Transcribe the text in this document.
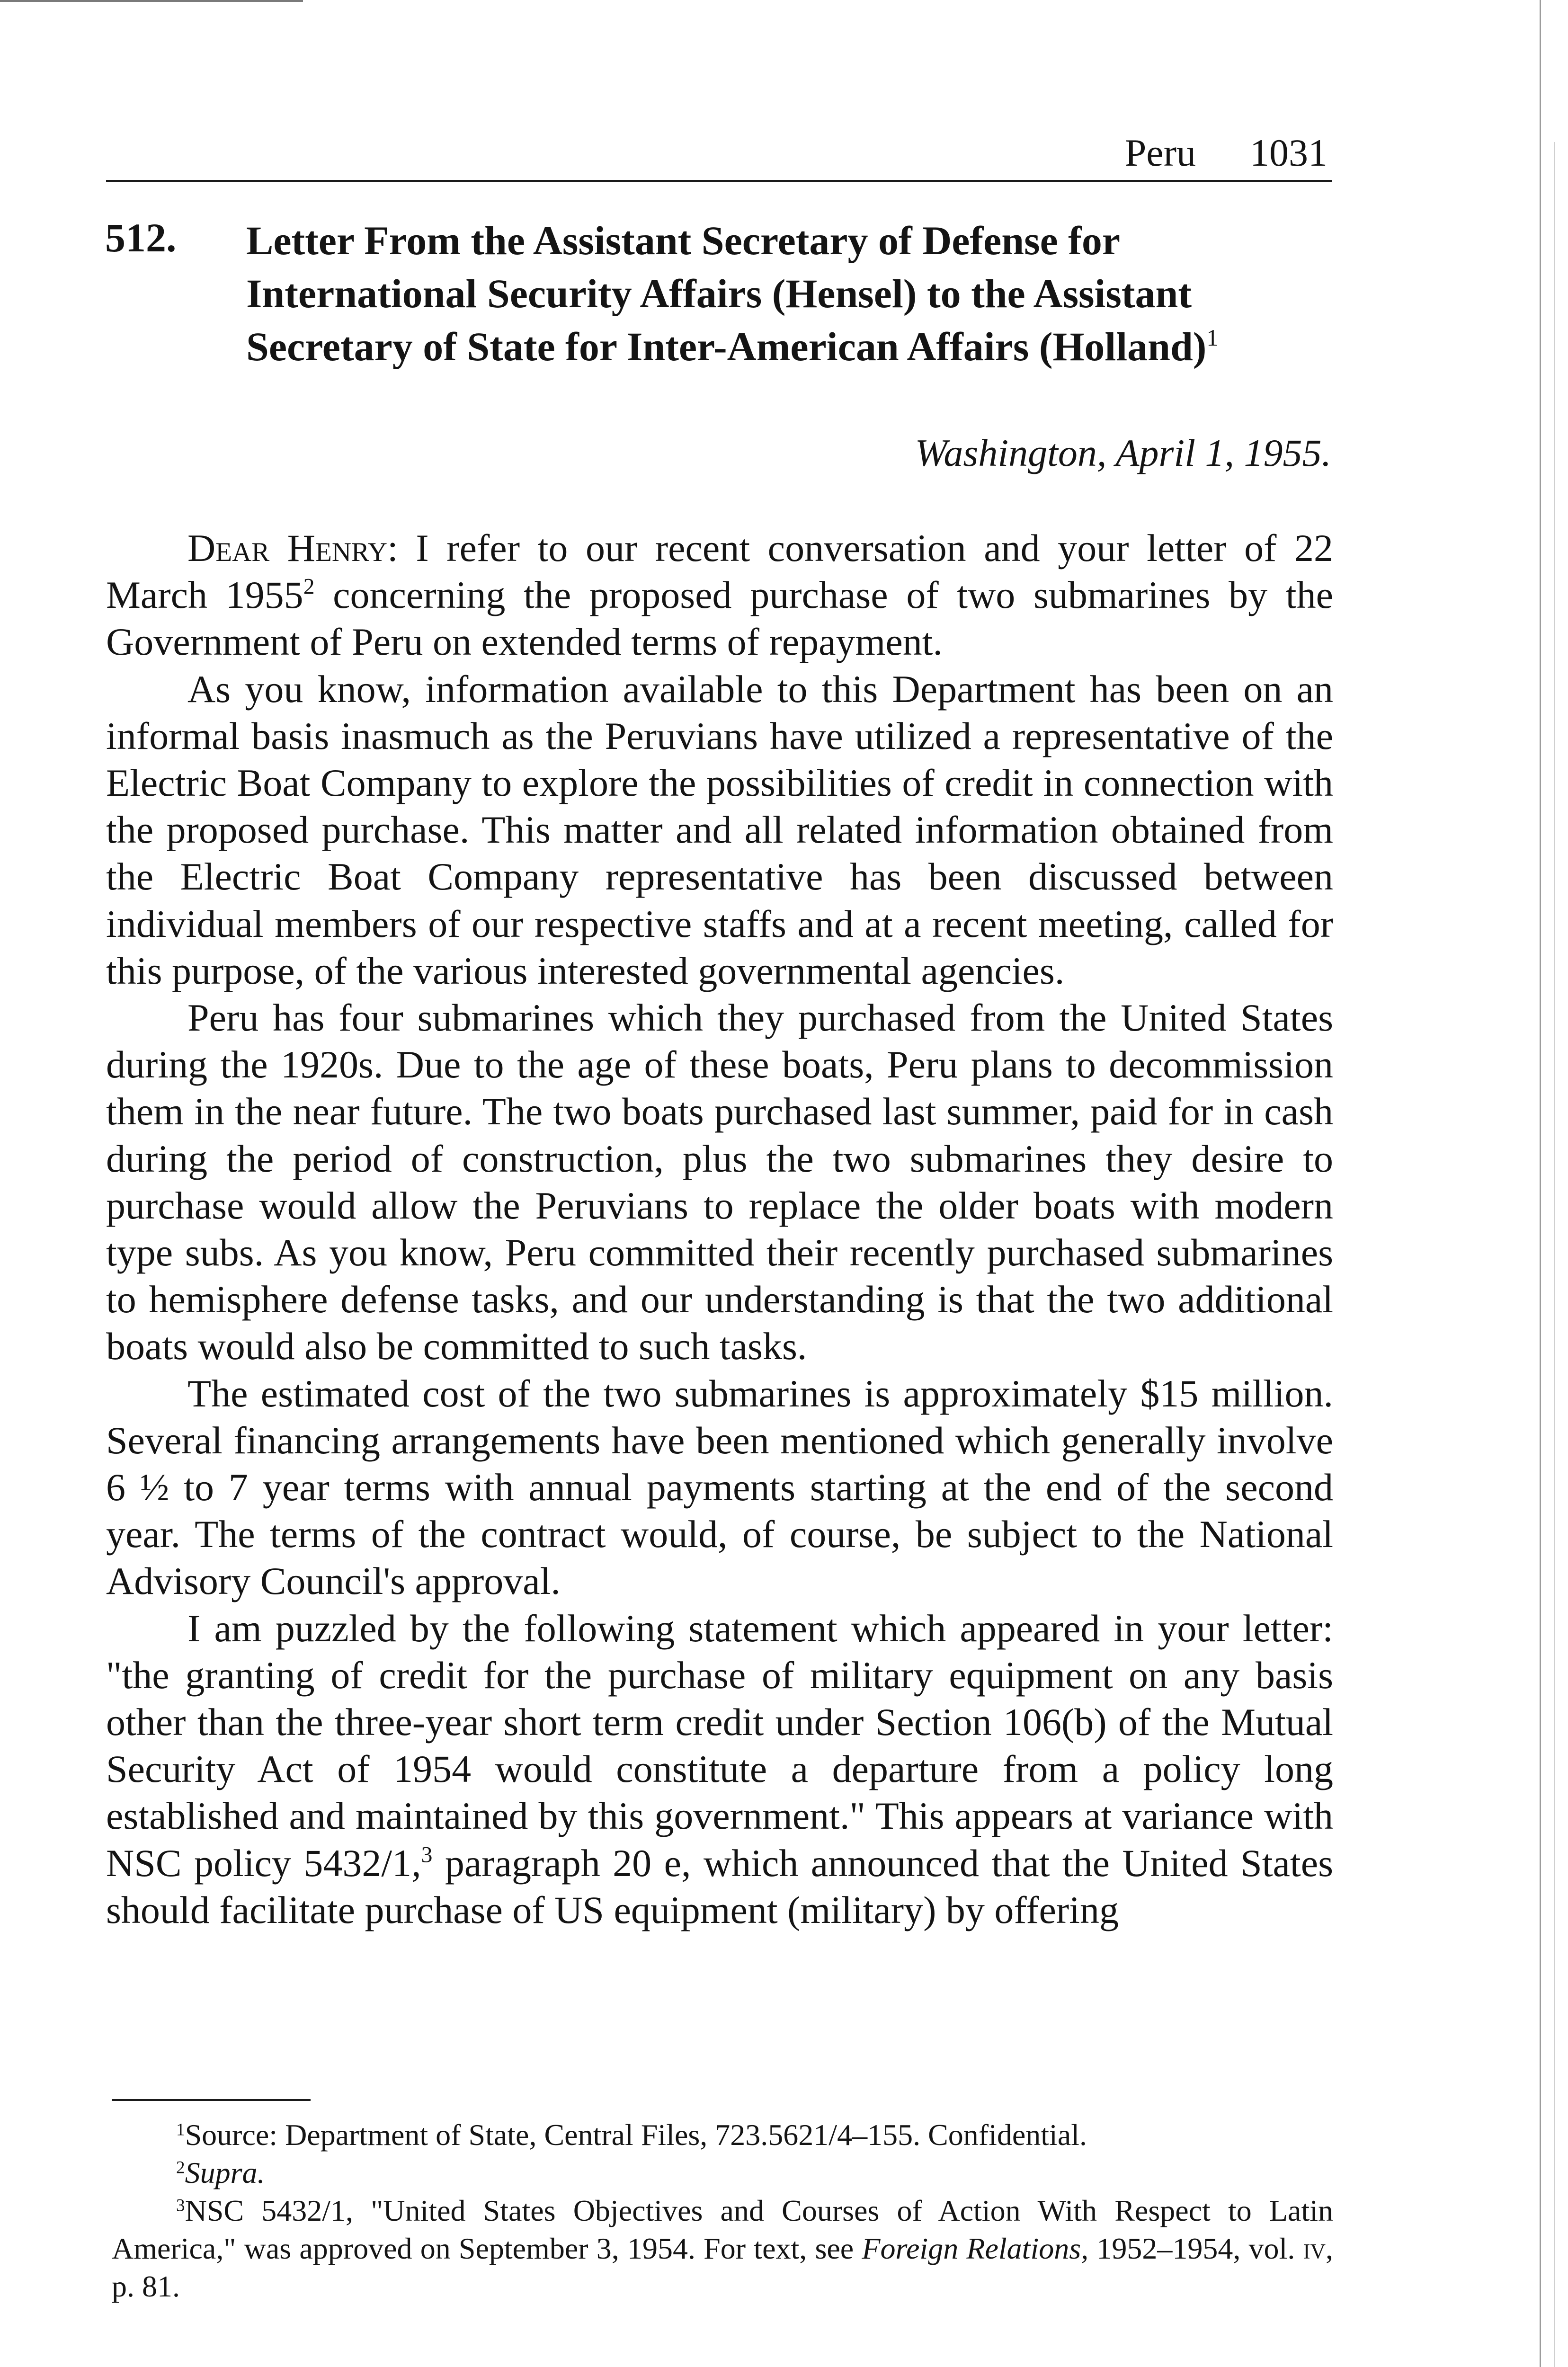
Peru 1031
512. Letter From the Assistant Secretary of Defense for International Security Affairs (Hensel) to the Assistant Secretary of State for Inter-American Affairs (Holland)$^1$
Washington, April 1, 1955.

Dear Henry: I refer to our recent conversation and your letter of 22 March 1955$^2$ concerning the proposed purchase of two submarines by the Government of Peru on extended terms of repayment.

As you know, information available to this Department has been on an informal basis inasmuch as the Peruvians have utilized a representative of the Electric Boat Company to explore the possibilities of credit in connection with the proposed purchase. This matter and all related information obtained from the Electric Boat Company representative has been discussed between individual members of our respective staffs and at a recent meeting, called for this purpose, of the various interested governmental agencies.

Peru has four submarines which they purchased from the United States during the 1920s. Due to the age of these boats, Peru plans to decommission them in the near future. The two boats purchased last summer, paid for in cash during the period of construction, plus the two submarines they desire to purchase would allow the Peruvians to replace the older boats with modern type subs. As you know, Peru committed their recently purchased submarines to hemisphere defense tasks, and our understanding is that the two additional boats would also be committed to such tasks.

The estimated cost of the two submarines is approximately $15 million. Several financing arrangements have been mentioned which generally involve 6 ½ to 7 year terms with annual payments starting at the end of the second year. The terms of the contract would, of course, be subject to the National Advisory Council's approval.

I am puzzled by the following statement which appeared in your letter: "the granting of credit for the purchase of military equipment on any basis other than the three-year short term credit under Section 106(b) of the Mutual Security Act of 1954 would constitute a departure from a policy long established and maintained by this government." This appears at variance with NSC policy 5432/1,$^3$ paragraph 20 e, which announced that the United States should facilitate purchase of US equipment (military) by offering

$^1$Source: Department of State, Central Files, 723.5621/4–155. Confidential.

$^2$Supra.

$^3$NSC 5432/1, "United States Objectives and Courses of Action With Respect to Latin America," was approved on September 3, 1954. For text, see Foreign Relations, 1952–1954, vol. iv, p. 81.
